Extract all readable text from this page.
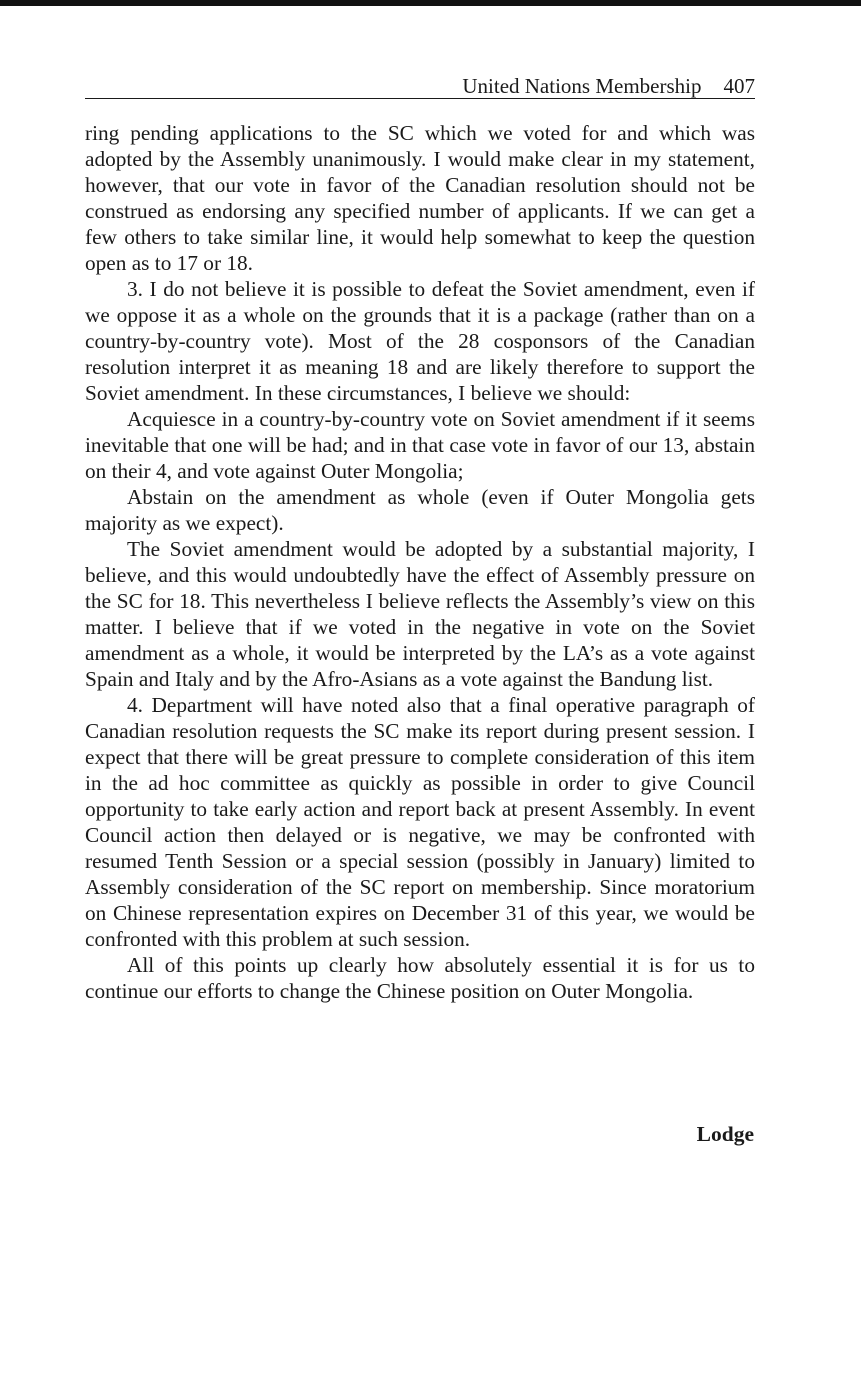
United Nations Membership 407

ring pending applications to the SC which we voted for and which was adopted by the Assembly unanimously. I would make clear in my statement, however, that our vote in favor of the Canadian resolution should not be construed as endorsing any specified number of applicants. If we can get a few others to take similar line, it would help somewhat to keep the question open as to 17 or 18.

3. I do not believe it is possible to defeat the Soviet amendment, even if we oppose it as a whole on the grounds that it is a package (rather than on a country-by-country vote). Most of the 28 cosponsors of the Canadian resolution interpret it as meaning 18 and are likely therefore to support the Soviet amendment. In these circumstances, I believe we should:

Acquiesce in a country-by-country vote on Soviet amendment if it seems inevitable that one will be had; and in that case vote in favor of our 13, abstain on their 4, and vote against Outer Mongolia;

Abstain on the amendment as whole (even if Outer Mongolia gets majority as we expect).

The Soviet amendment would be adopted by a substantial majority, I believe, and this would undoubtedly have the effect of Assembly pressure on the SC for 18. This nevertheless I believe reflects the Assembly’s view on this matter. I believe that if we voted in the negative in vote on the Soviet amendment as a whole, it would be interpreted by the LA’s as a vote against Spain and Italy and by the Afro-Asians as a vote against the Bandung list.

4. Department will have noted also that a final operative paragraph of Canadian resolution requests the SC make its report during present session. I expect that there will be great pressure to complete consideration of this item in the ad hoc committee as quickly as possible in order to give Council opportunity to take early action and report back at present Assembly. In event Council action then delayed or is negative, we may be confronted with resumed Tenth Session or a special session (possibly in January) limited to Assembly consideration of the SC report on membership. Since moratorium on Chinese representation expires on December 31 of this year, we would be confronted with this problem at such session.

All of this points up clearly how absolutely essential it is for us to continue our efforts to change the Chinese position on Outer Mongolia.

Lodge
